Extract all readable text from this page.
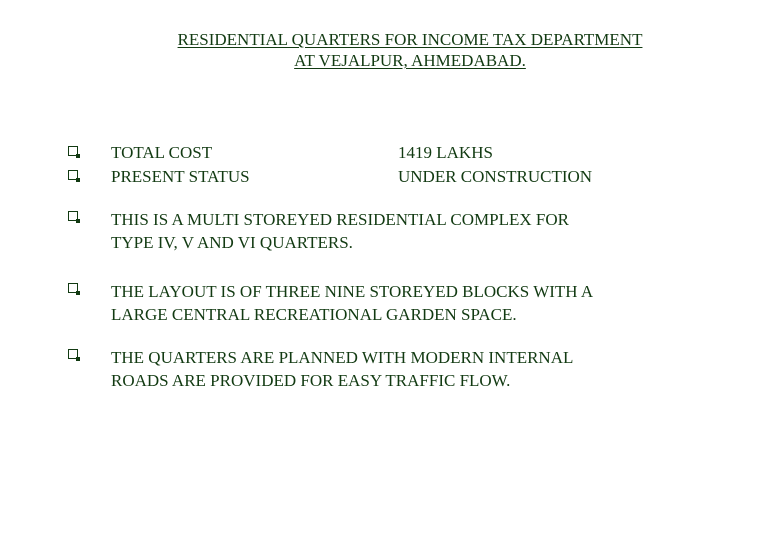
RESIDENTIAL QUARTERS FOR INCOME TAX DEPARTMENT
AT VEJALPUR, AHMEDABAD.
TOTAL COST	1419 LAKHS
PRESENT STATUS	UNDER CONSTRUCTION
THIS IS A MULTI STOREYED RESIDENTIAL COMPLEX FOR
TYPE IV, V AND VI QUARTERS.
THE LAYOUT IS OF THREE NINE STOREYED BLOCKS WITH A
LARGE CENTRAL RECREATIONAL GARDEN SPACE.
THE QUARTERS ARE PLANNED WITH MODERN INTERNAL
ROADS ARE PROVIDED FOR EASY TRAFFIC FLOW.
